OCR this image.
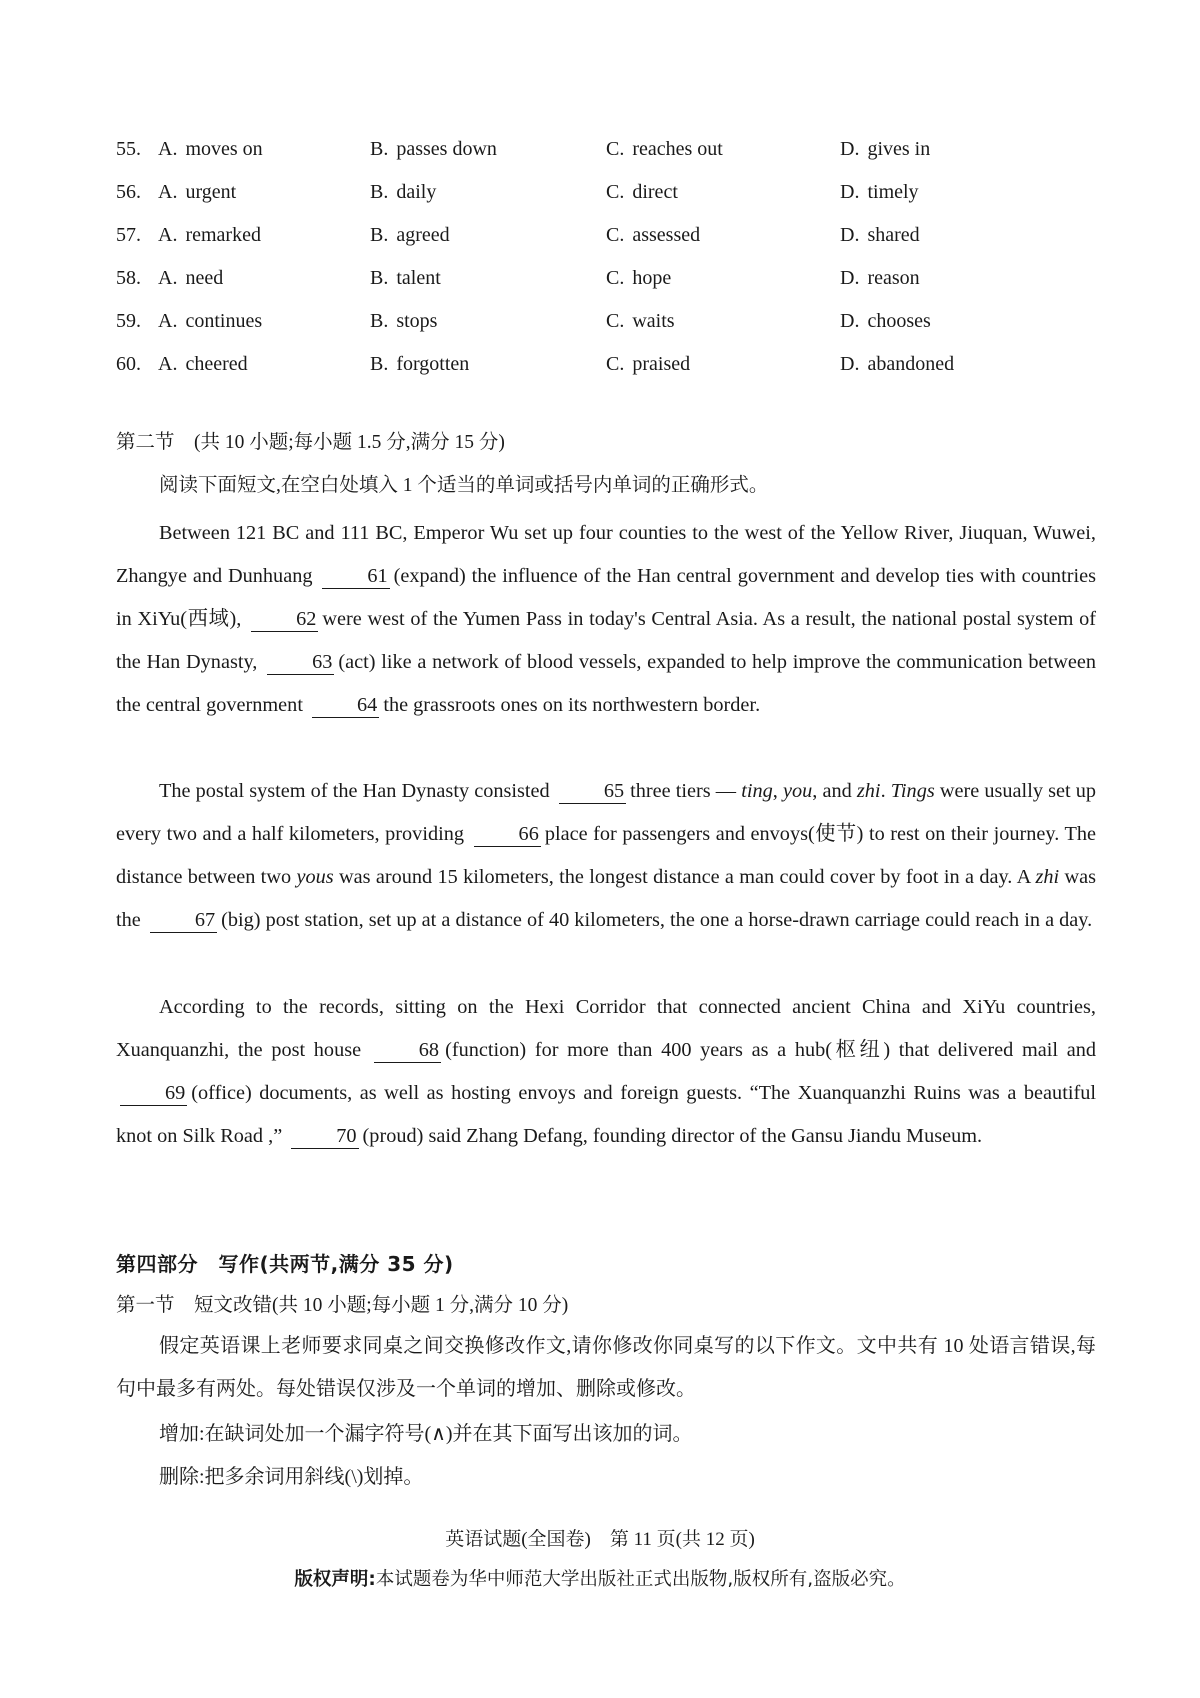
55. A. moves on	B. passes down	C. reaches out	D. gives in
56. A. urgent	B. daily	C. direct	D. timely
57. A. remarked	B. agreed	C. assessed	D. shared
58. A. need	B. talent	C. hope	D. reason
59. A. continues	B. stops	C. waits	D. chooses
60. A. cheered	B. forgotten	C. praised	D. abandoned
第二节　(共 10 小题;每小题 1.5 分,满分 15 分)
阅读下面短文,在空白处填入 1 个适当的单词或括号内单词的正确形式。
Between 121 BC and 111 BC, Emperor Wu set up four counties to the west of the Yellow River, Jiuquan, Wuwei, Zhangye and Dunhuang 61 (expand) the influence of the Han central government and develop ties with countries in XiYu(西域), 62 were west of the Yumen Pass in today's Central Asia. As a result, the national postal system of the Han Dynasty, 63 (act) like a network of blood vessels, expanded to help improve the communication between the central government 64 the grassroots ones on its northwestern border.
The postal system of the Han Dynasty consisted 65 three tiers — ting, you, and zhi. Tings were usually set up every two and a half kilometers, providing 66 place for passengers and envoys(使节) to rest on their journey. The distance between two yous was around 15 kilometers, the longest distance a man could cover by foot in a day. A zhi was the 67 (big) post station, set up at a distance of 40 kilometers, the one a horse-drawn carriage could reach in a day.
According to the records, sitting on the Hexi Corridor that connected ancient China and XiYu countries, Xuanquanzhi, the post house 68 (function) for more than 400 years as a hub(枢纽) that delivered mail and 69 (office) documents, as well as hosting envoys and foreign guests. “The Xuanquanzhi Ruins was a beautiful knot on Silk Road ,” 70 (proud) said Zhang Defang, founding director of the Gansu Jiandu Museum.
第四部分　写作(共两节,满分 35 分)
第一节　短文改错(共 10 小题;每小题 1 分,满分 10 分)
假定英语课上老师要求同桌之间交换修改作文,请你修改你同桌写的以下作文。文中共有 10 处语言错误,每句中最多有两处。每处错误仅涉及一个单词的增加、删除或修改。
增加:在缺词处加一个漏字符号(∧)并在其下面写出该加的词。
删除:把多余词用斜线(\)划掉。
英语试题(全国卷)　第 11 页(共 12 页)
版权声明:本试题卷为华中师范大学出版社正式出版物,版权所有,盗版必究。
